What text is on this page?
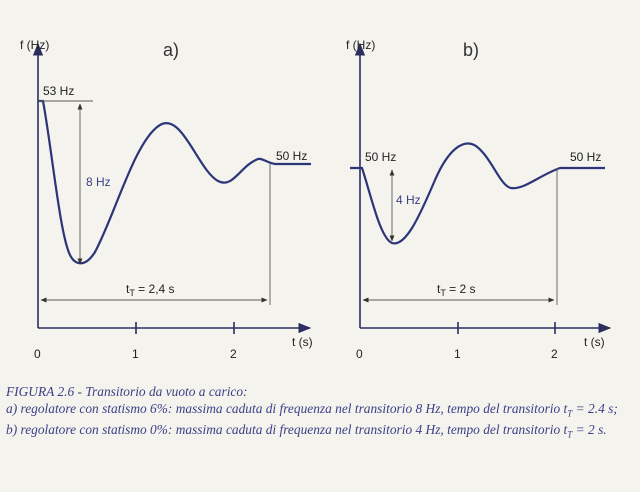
a)
f (Hz)
t (s)
0	1	2
53 Hz
8 Hz
50 Hz
$t_T = 2,4$ s
b)
f (Hz)
t (s)
0	1	2
50 Hz
4 Hz
50 Hz
$t_T = 2$ s
FIGURA 2.6 - Transitorio da vuoto a carico:
a) regolatore con statismo 6%: massima caduta di frequenza nel transitorio 8 Hz, tempo del transitorio $t_T = 2.4$ s;
b) regolatore con statismo 0%: massima caduta di frequenza nel transitorio 4 Hz, tempo del transitorio $t_T = 2$ s.
